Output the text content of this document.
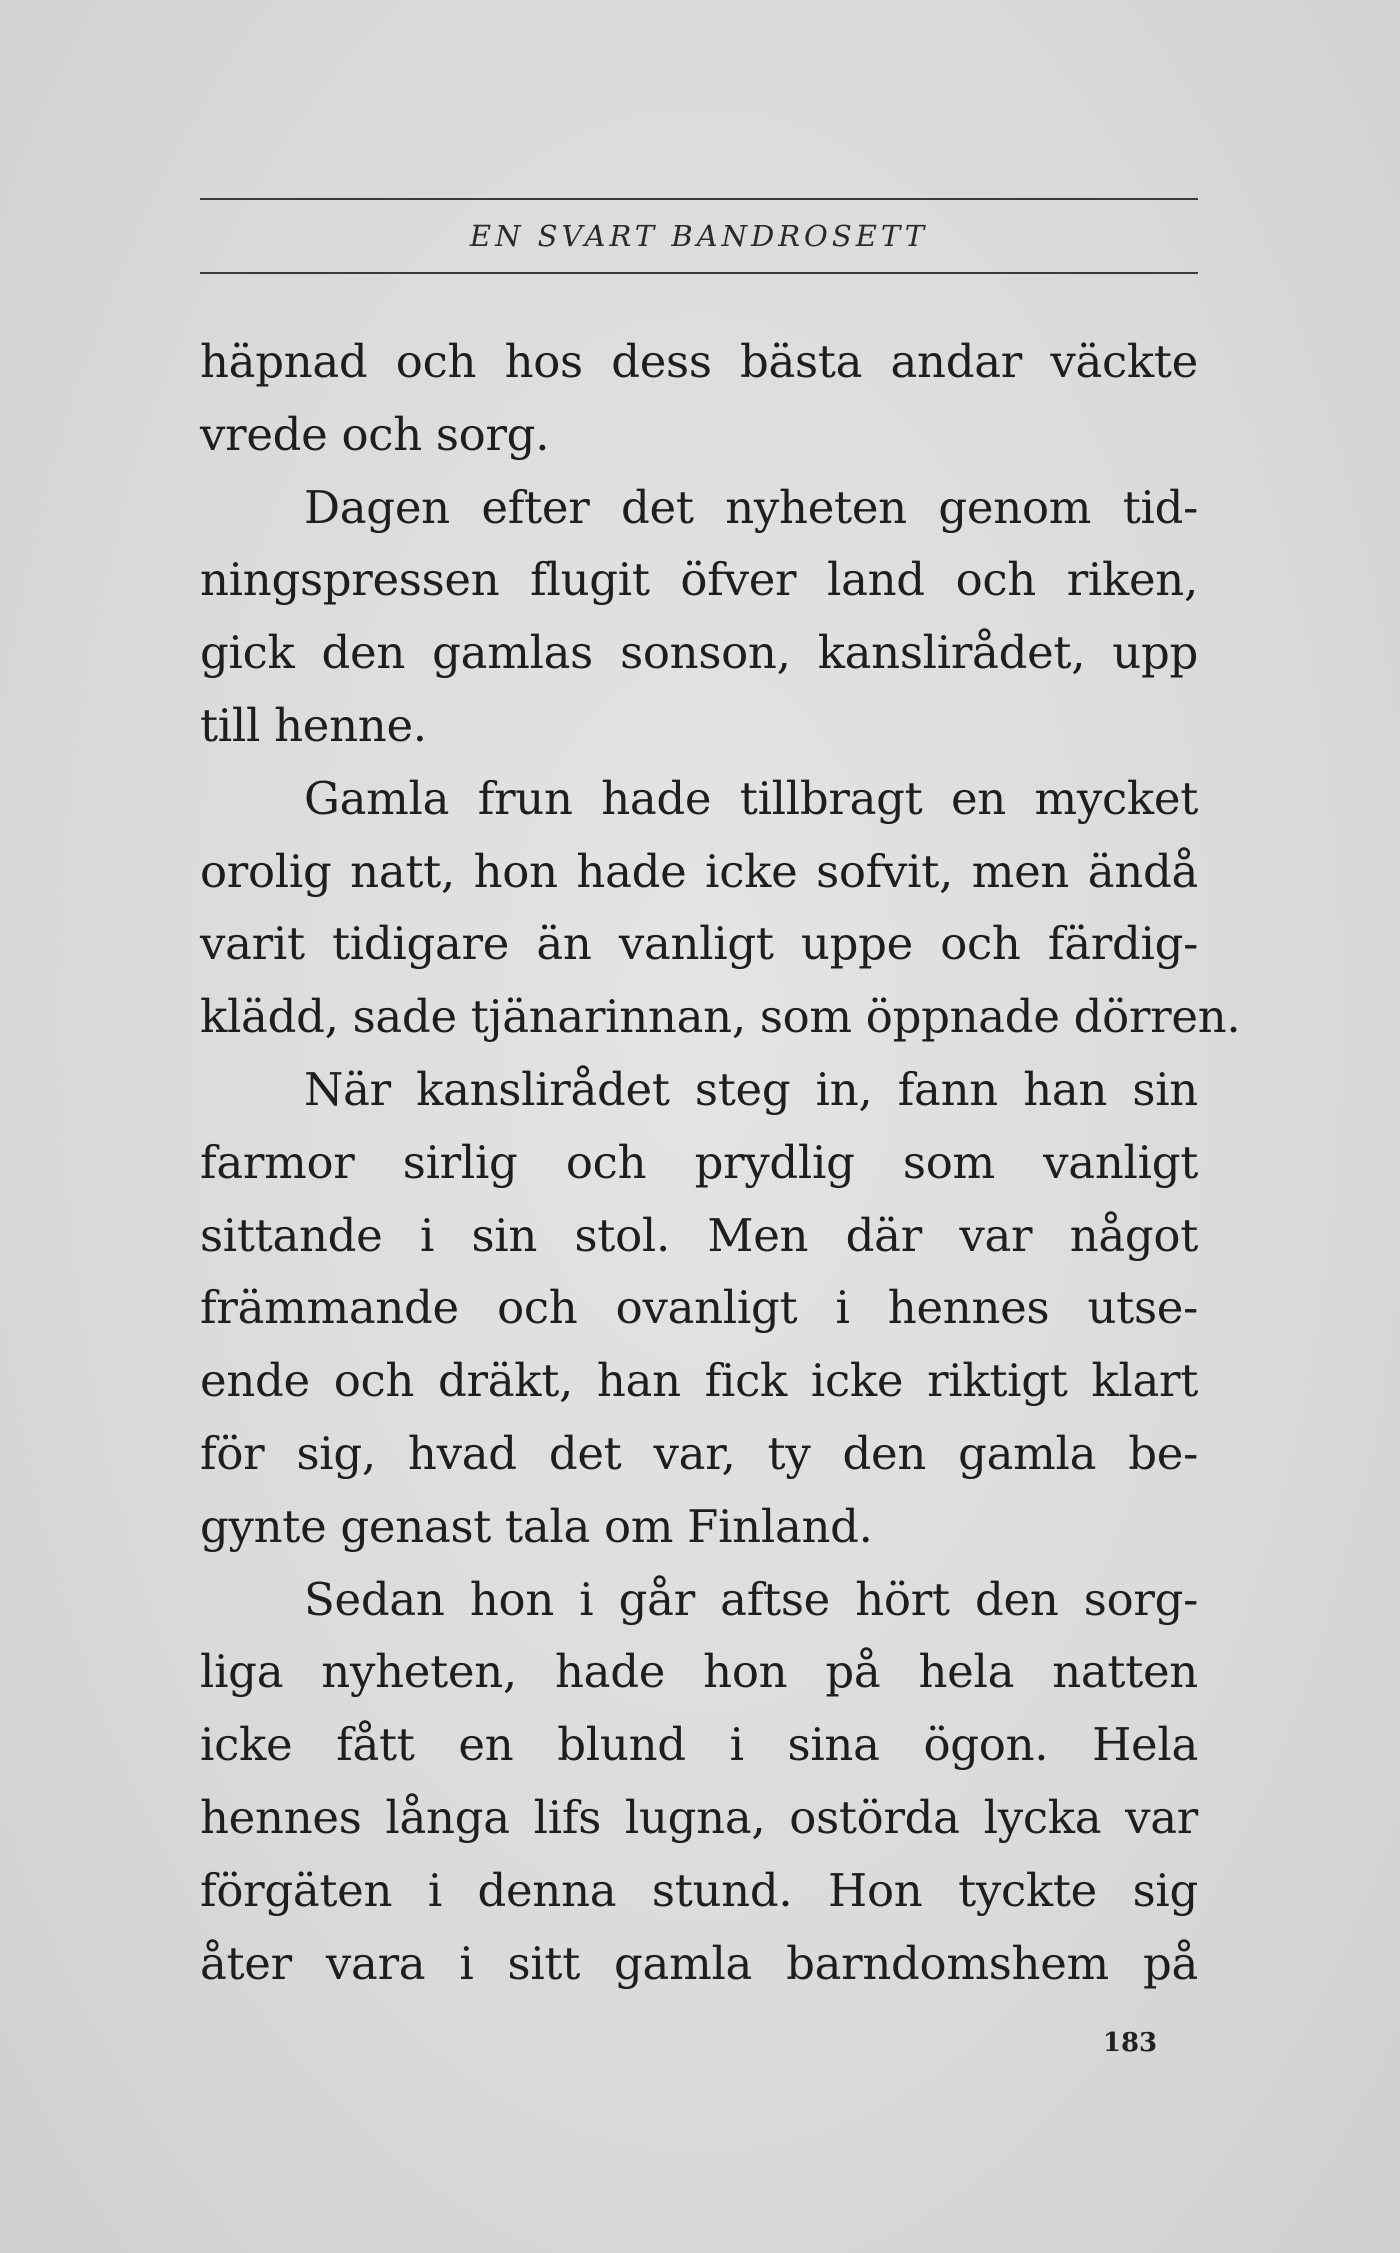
EN SVART BANDROSETT
häpnad och hos dess bästa andar väckte
vrede och sorg.
Dagen efter det nyheten genom tid-
ningspressen flugit öfver land och riken,
gick den gamlas sonson, kanslirådet, upp
till henne.
Gamla frun hade tillbragt en mycket
orolig natt, hon hade icke sofvit, men ändå
varit tidigare än vanligt uppe och färdig-
klädd, sade tjänarinnan, som öppnade dörren.
När kanslirådet steg in, fann han sin
farmor sirlig och prydlig som vanligt
sittande i sin stol. Men där var något
främmande och ovanligt i hennes utse-
ende och dräkt, han fick icke riktigt klart
för sig, hvad det var, ty den gamla be-
gynte genast tala om Finland.
Sedan hon i går aftse hört den sorg-
liga nyheten, hade hon på hela natten
icke fått en blund i sina ögon. Hela
hennes långa lifs lugna, ostörda lycka var
förgäten i denna stund. Hon tyckte sig
åter vara i sitt gamla barndomshem på
183
